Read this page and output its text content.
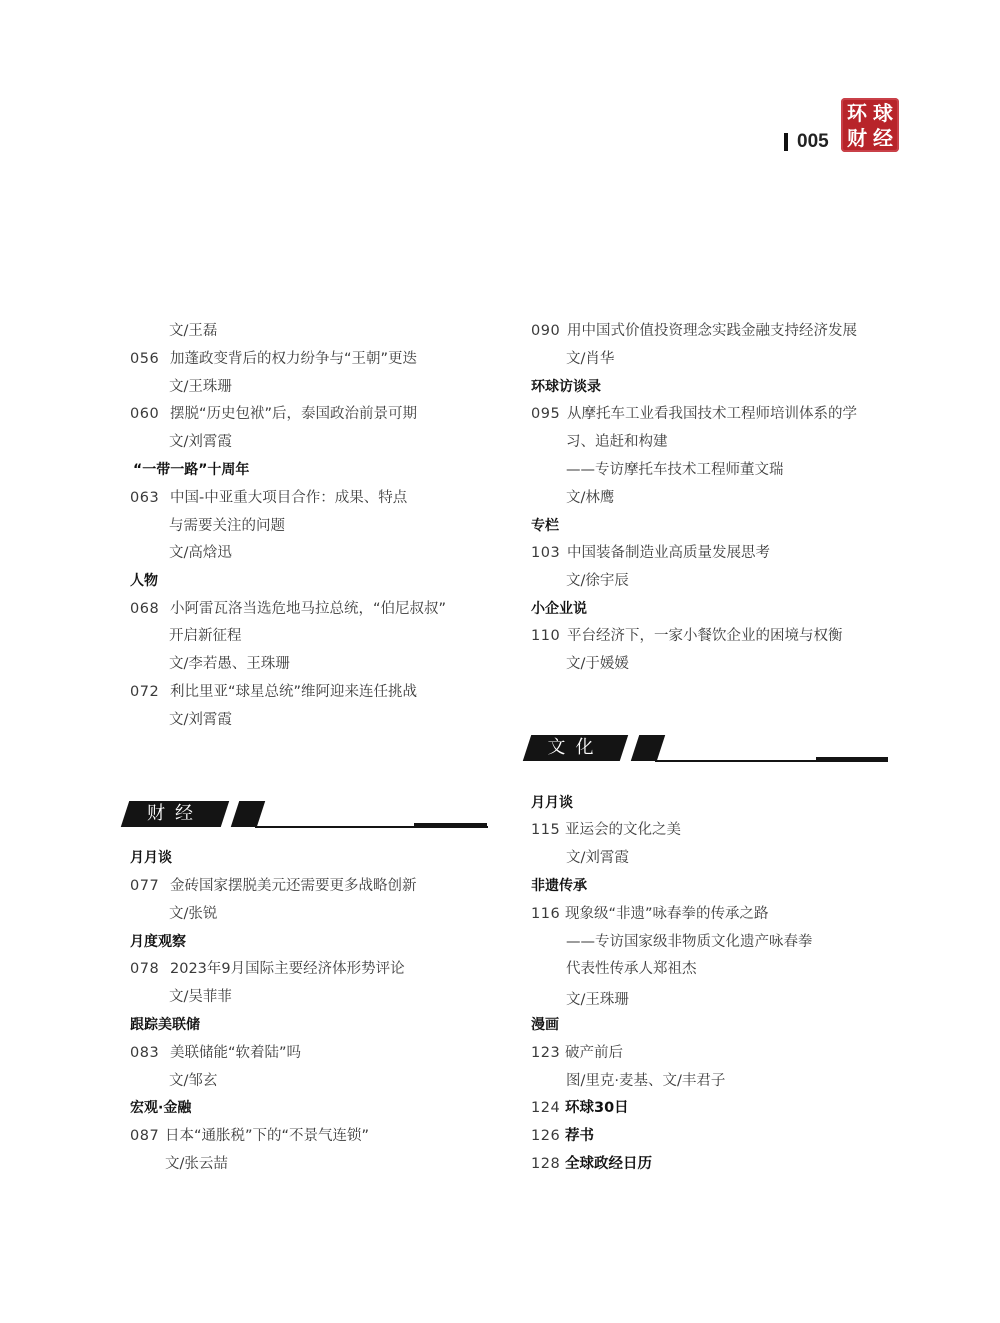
005
环 球
财 经
文/王磊
056 加蓬政变背后的权力纷争与“王朝”更迭
文/王珠珊
060 摆脱“历史包袱”后，泰国政治前景可期
文/刘霄霞
“一带一路”十周年
063 中国-中亚重大项目合作：成果、特点
与需要关注的问题
文/高焓迅
人物
068 小阿雷瓦洛当选危地马拉总统，“伯尼叔叔”
开启新征程
文/李若愚、王珠珊
072 利比里亚“球星总统”维阿迎来连任挑战
文/刘霄霞
财经
月月谈
077 金砖国家摆脱美元还需要更多战略创新
文/张锐
月度观察
078 2023年9月国际主要经济体形势评论
文/吴菲菲
跟踪美联储
083 美联储能“软着陆”吗
文/邹玄
宏观·金融
087 日本“通胀税”下的“不景气连锁”
文/张云喆
090 用中国式价值投资理念实践金融支持经济发展
文/肖华
环球访谈录
095 从摩托车工业看我国技术工程师培训体系的学
习、追赶和构建
——专访摩托车技术工程师董文瑞
文/林鹰
专栏
103 中国装备制造业高质量发展思考
文/徐宇辰
小企业说
110 平台经济下，一家小餐饮企业的困境与权衡
文/于媛媛
文化
月月谈
115 亚运会的文化之美
文/刘霄霞
非遗传承
116 现象级“非遗”咏春拳的传承之路
——专访国家级非物质文化遗产咏春拳
代表性传承人郑祖杰
文/王珠珊
漫画
123 破产前后
图/里克·麦基、文/丰君子
124 环球30日
126 荐书
128 全球政经日历
